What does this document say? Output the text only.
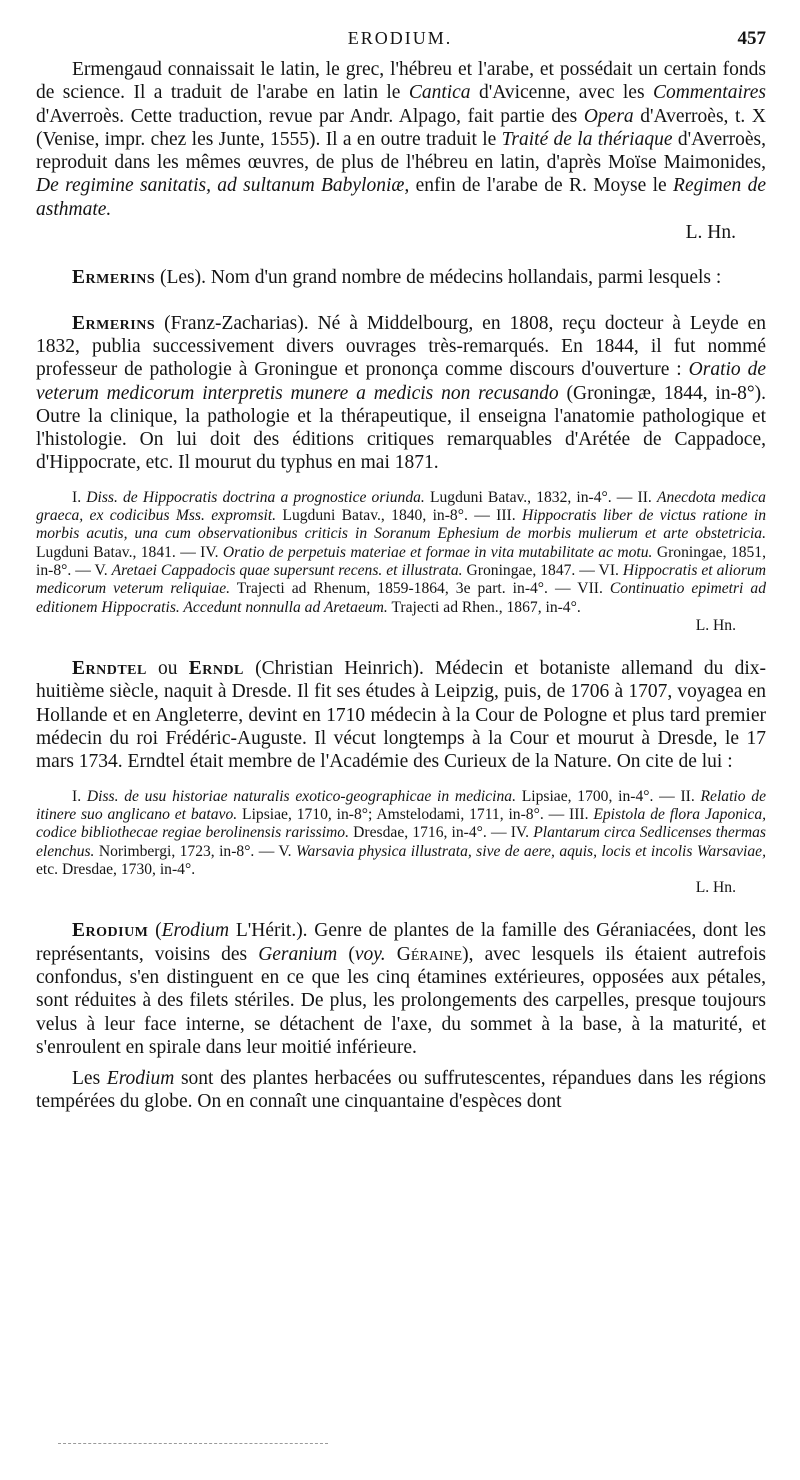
ERODIUM.	457

Ermengaud connaissait le latin, le grec, l'hébreu et l'arabe, et possédait un certain fonds de science. Il a traduit de l'arabe en latin le Cantica d'Avicenne, avec les Commentaires d'Averroès. Cette traduction, revue par Andr. Alpago, fait partie des Opera d'Averroès, t. X (Venise, impr. chez les Junte, 1555). Il a en outre traduit le Traité de la thériaque d'Averroès, reproduit dans les mêmes œuvres, de plus de l'hébreu en latin, d'après Moïse Maimonides, De regimine sanitatis, ad sultanum Babyloniæ, enfin de l'arabe de R. Moyse le Regimen de asthmate.

L. Hn.

Ermerins (Les). Nom d'un grand nombre de médecins hollandais, parmi lesquels :

Ermerins (Franz-Zacharias). Né à Middelbourg, en 1808, reçu docteur à Leyde en 1832, publia successivement divers ouvrages très-remarqués. En 1844, il fut nommé professeur de pathologie à Groningue et prononça comme discours d'ouverture : Oratio de veterum medicorum interpretis munere a medicis non recusando (Groningæ, 1844, in-8°). Outre la clinique, la pathologie et la thérapeutique, il enseigna l'anatomie pathologique et l'histologie. On lui doit des éditions critiques remarquables d'Arétée de Cappadoce, d'Hippocrate, etc. Il mourut du typhus en mai 1871.

I. Diss. de Hippocratis doctrina a prognostice oriunda. Lugduni Batav., 1832, in-4°. — II. Anecdota medica graeca, ex codicibus Mss. expromsit. Lugduni Batav., 1840, in-8°. — III. Hippocratis liber de victus ratione in morbis acutis, una cum observationibus criticis in Soranum Ephesium de morbis mulierum et arte obstetricia. Lugduni Batav., 1841. — IV. Oratio de perpetuis materiae et formae in vita mutabilitate ac motu. Groningae, 1851, in-8°. — V. Aretaei Cappadocis quae supersunt recens. et illustrata. Groningae, 1847. — VI. Hippocratis et aliorum medicorum veterum reliquiae. Trajecti ad Rhenum, 1859-1864, 3e part. in-4°. — VII. Continuatio epimetri ad editionem Hippocratis. Accedunt nonnulla ad Aretaeum. Trajecti ad Rhen., 1867, in-4°.

L. Hn.

Erndtel ou Erndl (Christian Heinrich). Médecin et botaniste allemand du dix-huitième siècle, naquit à Dresde. Il fit ses études à Leipzig, puis, de 1706 à 1707, voyagea en Hollande et en Angleterre, devint en 1710 médecin à la Cour de Pologne et plus tard premier médecin du roi Frédéric-Auguste. Il vécut longtemps à la Cour et mourut à Dresde, le 17 mars 1734. Erndtel était membre de l'Académie des Curieux de la Nature. On cite de lui :

I. Diss. de usu historiae naturalis exotico-geographicae in medicina. Lipsiae, 1700, in-4°. — II. Relatio de itinere suo anglicano et batavo. Lipsiae, 1710, in-8°; Amstelodami, 1711, in-8°. — III. Epistola de flora Japonica, codice bibliothecae regiae berolinensis rarissimo. Dresdae, 1716, in-4°. — IV. Plantarum circa Sedlicenses thermas elenchus. Norimbergi, 1723, in-8°. — V. Warsavia physica illustrata, sive de aere, aquis, locis et incolis Warsaviae, etc. Dresdae, 1730, in-4°.

L. Hn.

Erodium (Erodium L'Hérit.). Genre de plantes de la famille des Géraniacées, dont les représentants, voisins des Geranium (voy. Géraine), avec lesquels ils étaient autrefois confondus, s'en distinguent en ce que les cinq étamines extérieures, opposées aux pétales, sont réduites à des filets stériles. De plus, les prolongements des carpelles, presque toujours velus à leur face interne, se détachent de l'axe, du sommet à la base, à la maturité, et s'enroulent en spirale dans leur moitié inférieure.

Les Erodium sont des plantes herbacées ou suffrutescentes, répandues dans les régions tempérées du globe. On en connaît une cinquantaine d'espèces dont
